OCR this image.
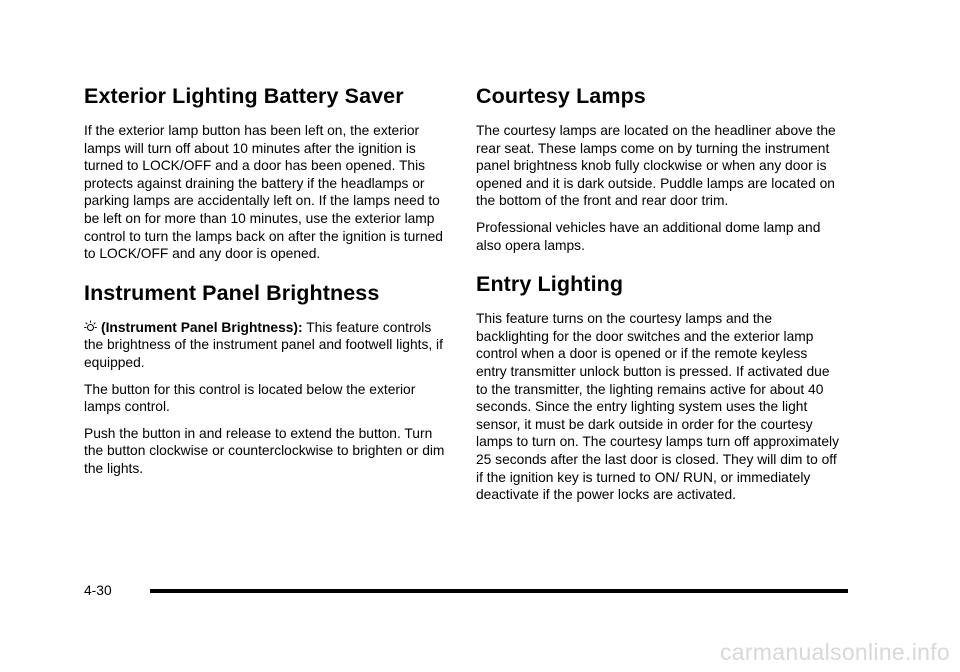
Exterior Lighting Battery Saver

If the exterior lamp button has been left on, the exterior lamps will turn off about 10 minutes after the ignition is turned to LOCK/OFF and a door has been opened. This protects against draining the battery if the headlamps or parking lamps are accidentally left on. If the lamps need to be left on for more than 10 minutes, use the exterior lamp control to turn the lamps back on after the ignition is turned to LOCK/OFF and any door is opened.

Instrument Panel Brightness

(Instrument Panel Brightness): This feature controls the brightness of the instrument panel and footwell lights, if equipped.

The button for this control is located below the exterior lamps control.

Push the button in and release to extend the button. Turn the button clockwise or counterclockwise to brighten or dim the lights.

Courtesy Lamps

The courtesy lamps are located on the headliner above the rear seat. These lamps come on by turning the instrument panel brightness knob fully clockwise or when any door is opened and it is dark outside. Puddle lamps are located on the bottom of the front and rear door trim.

Professional vehicles have an additional dome lamp and also opera lamps.

Entry Lighting

This feature turns on the courtesy lamps and the backlighting for the door switches and the exterior lamp control when a door is opened or if the remote keyless entry transmitter unlock button is pressed. If activated due to the transmitter, the lighting remains active for about 40 seconds. Since the entry lighting system uses the light sensor, it must be dark outside in order for the courtesy lamps to turn on. The courtesy lamps turn off approximately 25 seconds after the last door is closed. They will dim to off if the ignition key is turned to ON/ RUN, or immediately deactivate if the power locks are activated.

4-30
carmanualsonline.info
